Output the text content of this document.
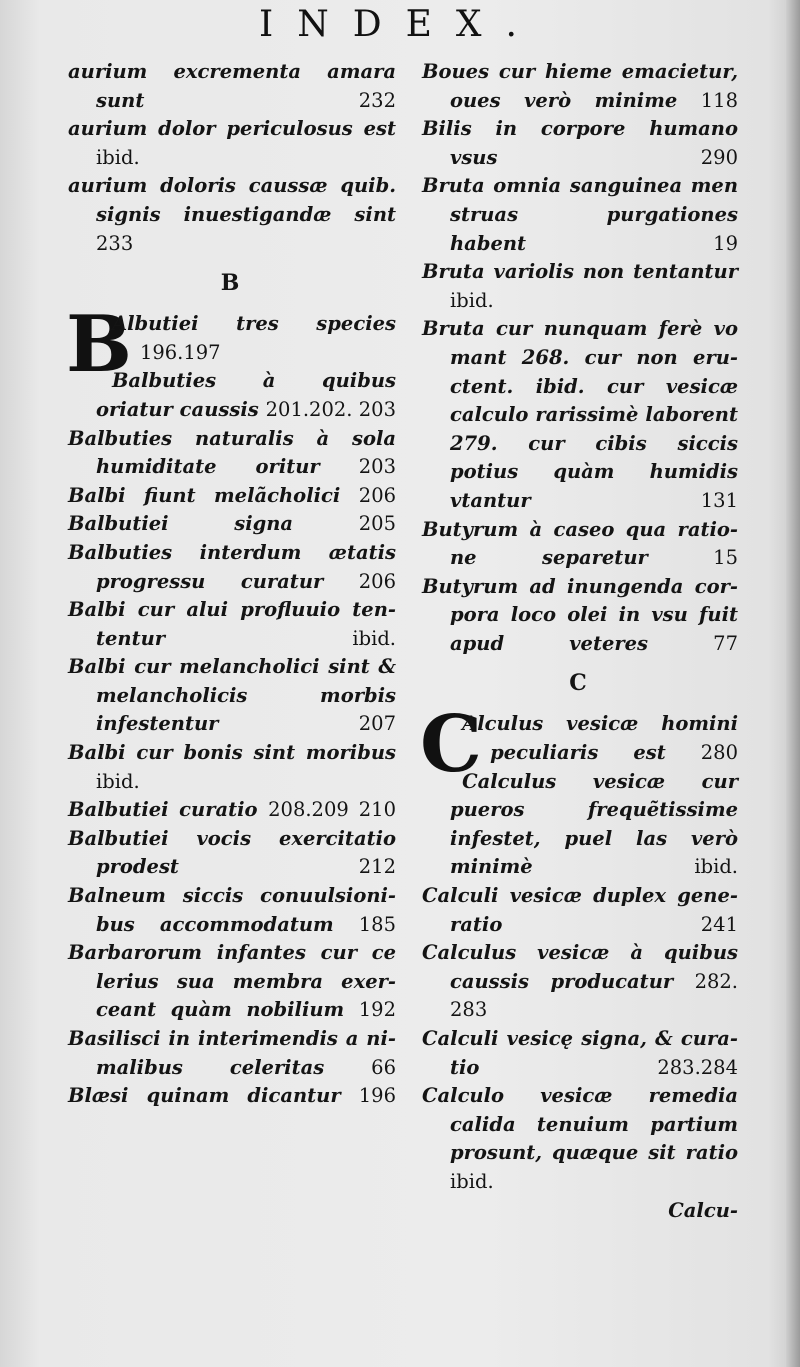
INDEX.
aurium excrementa amara sunt	232
aurium dolor periculosus est ibid.
aurium doloris caussæ quib. signis inuestigandæ sint 233
B
B
Albutiei tres species 196.197
Balbuties à quibus oriatur caussis 201.202. 203
Balbuties naturalis à sola humiditate oritur 203
Balbi fiunt melãcholici 206
Balbutiei signa	205
Balbuties interdum ætatis progressu curatur 206
Balbi cur alui profluuio ten-tentur	ibid.
Balbi cur melancholici sint & melancholicis morbis infestentur	207
Balbi cur bonis sint moribus ibid.
Balbutiei curatio 208.209 210
Balbutiei vocis exercitatio prodest	212
Balneum siccis conuulsioni-bus accommodatum 185
Barbarorum infantes cur ce lerius sua membra exer-ceant quàm nobilium 192
Basilisci in interimendis a ni-malibus celeritas 66
Blæsi quinam dicantur 196
Boues cur hieme emacietur, oues verò minime 118
Bilis in corpore humano vsus	290
Bruta omnia sanguinea men struas purgationes habent	19
Bruta variolis non tentantur ibid.
Bruta cur nunquam ferè vo mant 268. cur non eru-ctent. ibid. cur vesicæ calculo rarissimè laborent 279. cur cibis siccis potius quàm humidis vtantur	131
Butyrum à caseo qua ratio-ne separetur	15
Butyrum ad inungenda cor-pora loco olei in vsu fuit apud veteres	77
C
C
Alculus vesicæ homini peculiaris est 280
Calculus vesicæ cur pueros frequẽtissime infestet, puel las verò minimè	ibid.
Calculi vesicæ duplex gene-ratio	241
Calculus vesicæ à quibus caussis producatur 282. 283
Calculi vesicę signa, & cura-tio	283.284
Calculo vesicæ remedia calida tenuium partium prosunt, quæque sit ratio ibid.
Calcu-
